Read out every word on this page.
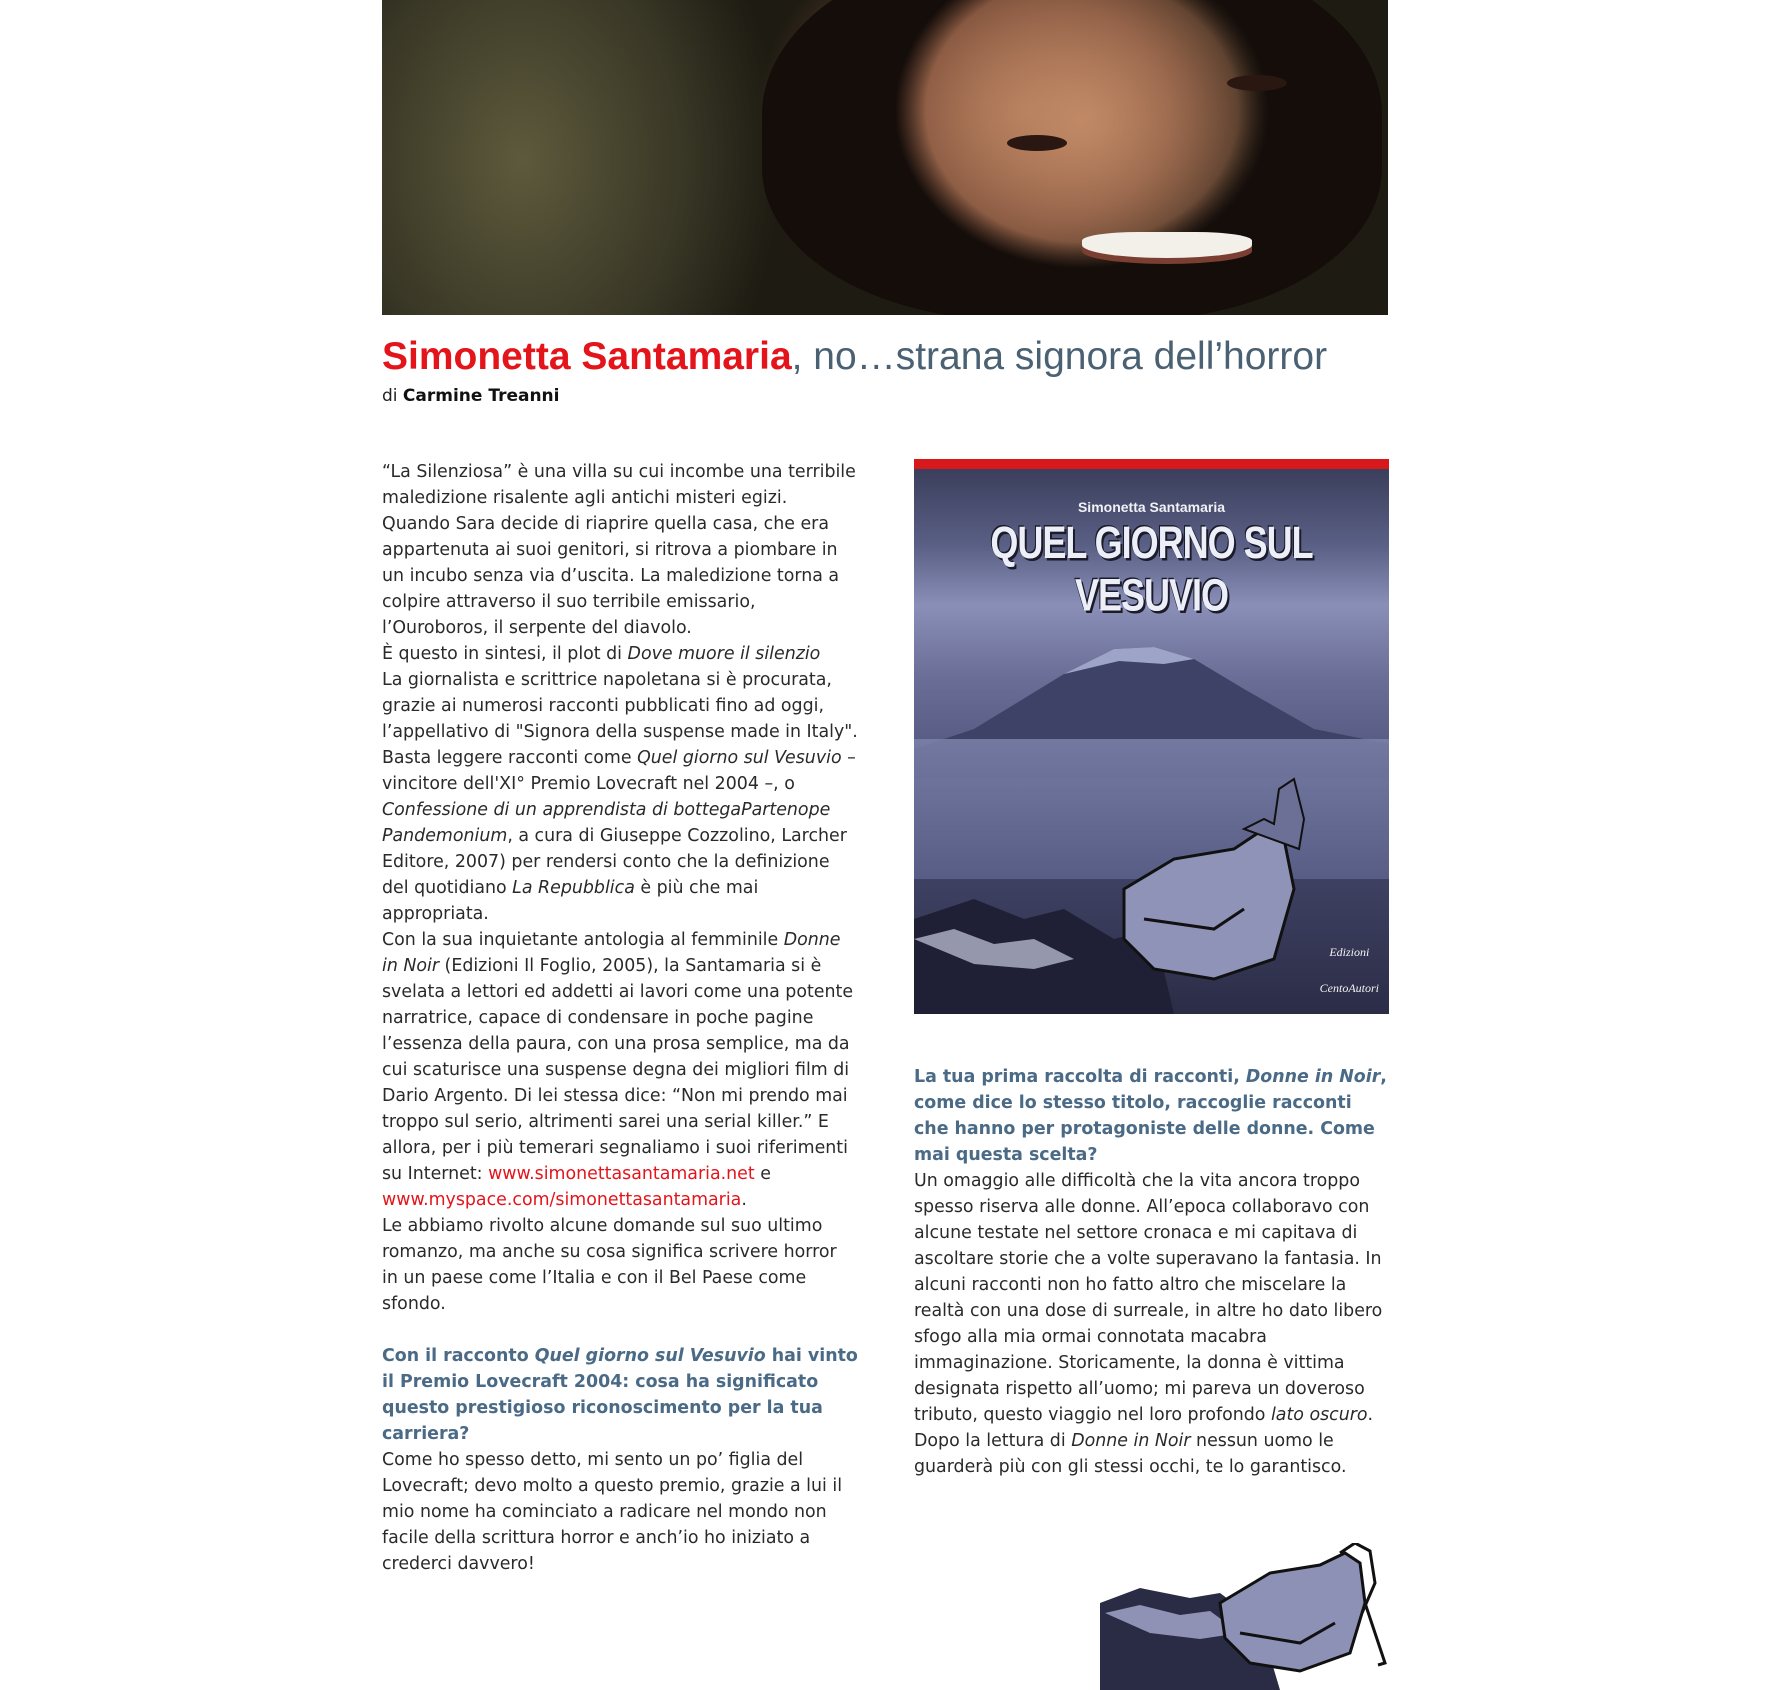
Simonetta Santamaria, no…strana signora dell’horror
di Carmine Treanni

“La Silenziosa” è una villa su cui incombe una terribile maledizione risalente agli antichi misteri egizi. Quando Sara decide di riaprire quella casa, che era appartenuta ai suoi genitori, si ritrova a piombare in un incubo senza via d’uscita. La maledizione torna a colpire attraverso il suo terribile emissario, l’Ouroboros, il serpente del diavolo.

È questo in sintesi, il plot di Dove muore il silenzio

La giornalista e scrittrice napoletana si è procurata, grazie ai numerosi racconti pubblicati fino ad oggi, l’appellativo di "Signora della suspense made in Italy". Basta leggere racconti come Quel giorno sul Vesuvio – vincitore dell'XI° Premio Lovecraft nel 2004 –, o Confessione di un apprendista di bottegaPartenope Pandemonium, a cura di Giuseppe Cozzolino, Larcher Editore, 2007) per rendersi conto che la definizione del quotidiano La Repubblica è più che mai appropriata.

Con la sua inquietante antologia al femminile Donne in Noir (Edizioni Il Foglio, 2005), la Santamaria si è svelata a lettori ed addetti ai lavori come una potente narratrice, capace di condensare in poche pagine l’essenza della paura, con una prosa semplice, ma da cui scaturisce una suspense degna dei migliori film di Dario Argento. Di lei stessa dice: “Non mi prendo mai troppo sul serio, altrimenti sarei una serial killer.” E allora, per i più temerari segnaliamo i suoi riferimenti su Internet: www.simonettasantamaria.net e www.myspace.com/simonettasantamaria.

Le abbiamo rivolto alcune domande sul suo ultimo romanzo, ma anche su cosa significa scrivere horror in un paese come l’Italia e con il Bel Paese come sfondo.

Con il racconto Quel giorno sul Vesuvio hai vinto il Premio Lovecraft 2004: cosa ha significato questo prestigioso riconoscimento per la tua carriera?

Come ho spesso detto, mi sento un po’ figlia del Lovecraft; devo molto a questo premio, grazie a lui il mio nome ha cominciato a radicare nel mondo non facile della scrittura horror e anch’io ho iniziato a crederci davvero!

Simonetta Santamaria
QUEL GIORNO SUL VESUVIO
Edizioni
CentoAutori

La tua prima raccolta di racconti, Donne in Noir, come dice lo stesso titolo, raccoglie racconti che hanno per protagoniste delle donne. Come mai questa scelta?

Un omaggio alle difficoltà che la vita ancora troppo spesso riserva alle donne. All’epoca collaboravo con alcune testate nel settore cronaca e mi capitava di ascoltare storie che a volte superavano la fantasia. In alcuni racconti non ho fatto altro che miscelare la realtà con una dose di surreale, in altre ho dato libero sfogo alla mia ormai connotata macabra immaginazione. Storicamente, la donna è vittima designata rispetto all’uomo; mi pareva un doveroso tributo, questo viaggio nel loro profondo lato oscuro. Dopo la lettura di Donne in Noir nessun uomo le guarderà più con gli stessi occhi, te lo garantisco.
